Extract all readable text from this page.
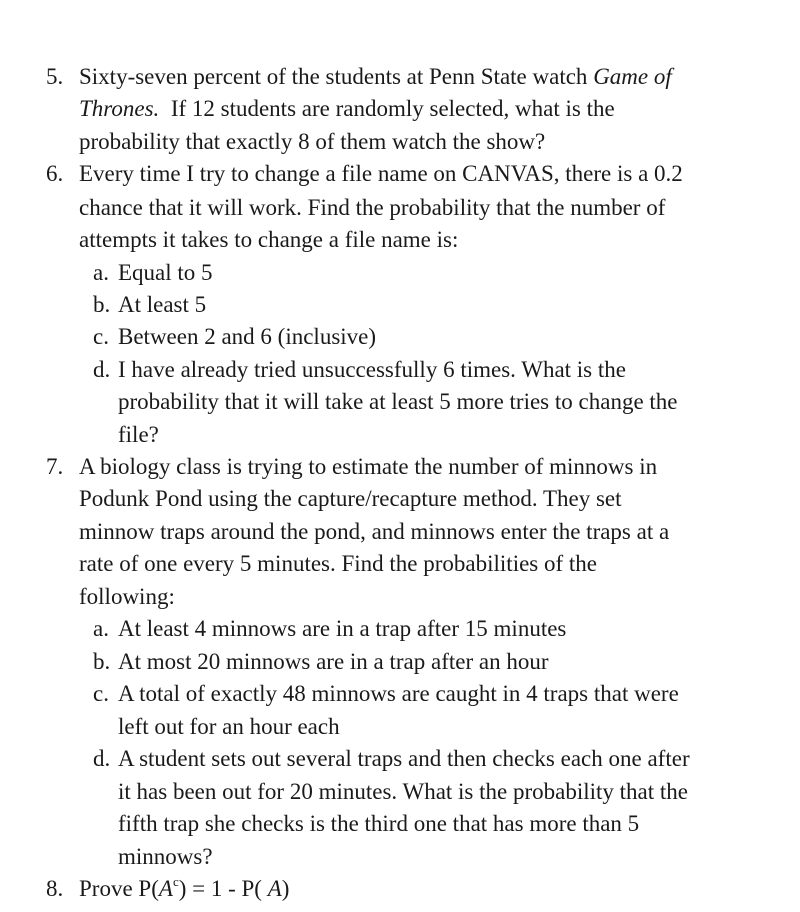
5. Sixty-seven percent of the students at Penn State watch Game of
Thrones.  If 12 students are randomly selected, what is the
probability that exactly 8 of them watch the show?
6. Every time I try to change a file name on CANVAS, there is a 0.2
chance that it will work. Find the probability that the number of
attempts it takes to change a file name is:
a. Equal to 5
b. At least 5
c. Between 2 and 6 (inclusive)
d. I have already tried unsuccessfully 6 times. What is the
probability that it will take at least 5 more tries to change the
file?
7. A biology class is trying to estimate the number of minnows in
Podunk Pond using the capture/recapture method. They set
minnow traps around the pond, and minnows enter the traps at a
rate of one every 5 minutes. Find the probabilities of the
following:
a. At least 4 minnows are in a trap after 15 minutes
b. At most 20 minnows are in a trap after an hour
c. A total of exactly 48 minnows are caught in 4 traps that were
left out for an hour each
d. A student sets out several traps and then checks each one after
it has been out for 20 minutes. What is the probability that the
fifth trap she checks is the third one that has more than 5
minnows?
8. Prove $P(A^c) = 1 - P$( A)
